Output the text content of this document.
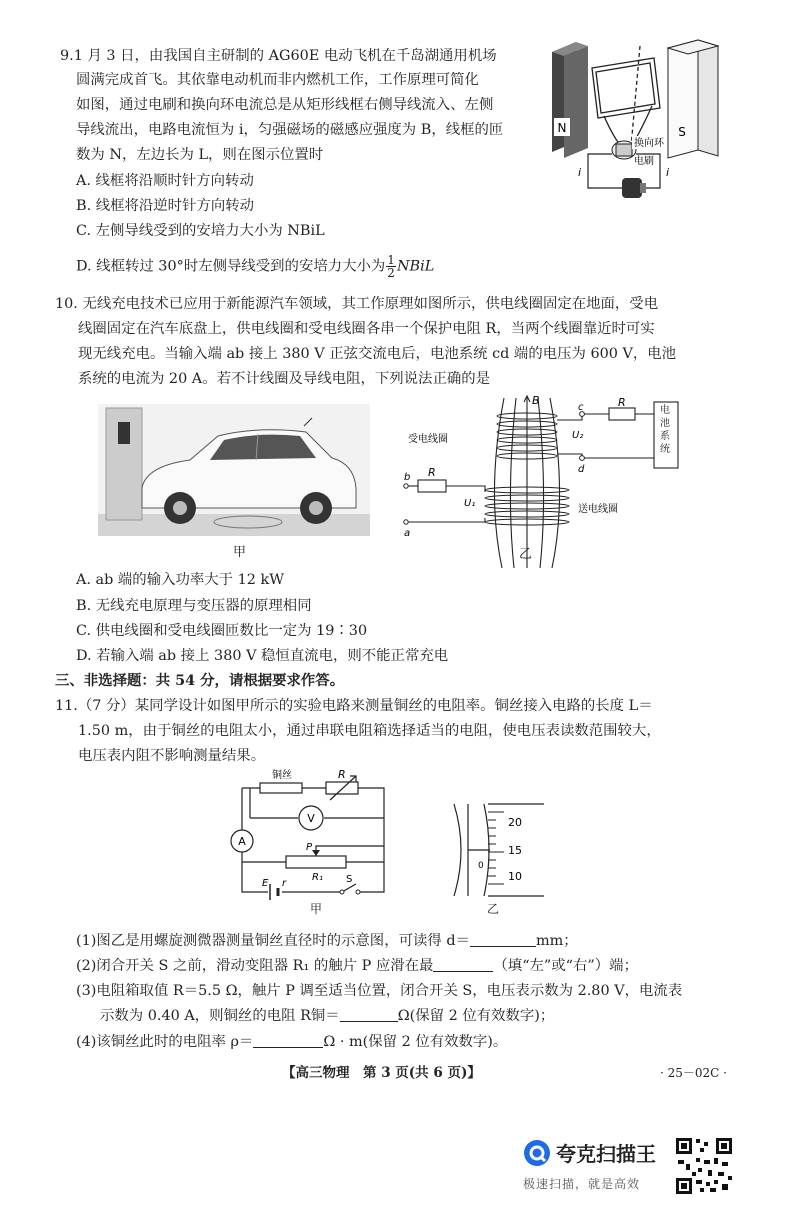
9.1 月 3 日，由我国自主研制的 AG60E 电动飞机在千岛湖通用机场
圆满完成首飞。其依靠电动机而非内燃机工作，工作原理可简化
如图，通过电刷和换向环电流总是从矩形线框右侧导线流入、左侧
导线流出，电路电流恒为 i，匀强磁场的磁感应强度为 B，线框的匝
数为 N，左边长为 L，则在图示位置时
A. 线框将沿顺时针方向转动
B. 线框将沿逆时针方向转动
C. 左侧导线受到的安培力大小为 NBiL
D. 线框转过 30°时左侧导线受到的安培力大小为 $\frac{1}{2}$ NBiL
N	S
换向环
电刷
i	i
10. 无线充电技术已应用于新能源汽车领域，其工作原理如图所示，供电线圈固定在地面，受电
线圈固定在汽车底盘上，供电线圈和受电线圈各串一个保护电阻 R，当两个线圈靠近时可实
现无线充电。当输入端 ab 接上 380 V 正弦交流电后，电池系统 cd 端的电压为 600 V，电池
系统的电流为 20 A。若不计线圈及导线电阻，下列说法正确的是
甲
B
受电线圈
送电线圈
c
d
R
U₂
电池系统
b
a
R
U₁
乙
A. ab 端的输入功率大于 12 kW
B. 无线充电原理与变压器的原理相同
C. 供电线圈和受电线圈匝数比一定为 19∶30
D. 若输入端 ab 接上 380 V 稳恒直流电，则不能正常充电
三、非选择题：共 54 分，请根据要求作答。
11.（7 分）某同学设计如图甲所示的实验电路来测量铜丝的电阻率。铜丝接入电路的长度 L＝
1.50 m，由于铜丝的电阻太小，通过串联电阻箱选择适当的电阻，使电压表读数范围较大，
电压表内阻不影响测量结果。
V
A
铜丝	R
P
R₁
E r	S
甲
20
15
10
0
乙
(1)图乙是用螺旋测微器测量铜丝直径时的示意图，可读得 d＝	mm；
(2)闭合开关 S 之前，滑动变阻器 R₁ 的触片 P 应滑在最	（填“左”或“右”）端；
(3)电阻箱取值 R＝5.5 Ω，触片 P 调至适当位置，闭合开关 S，电压表示数为 2.80 V，电流表
示数为 0.40 A，则铜丝的电阻 R铜＝	Ω(保留 2 位有效数字)；
(4)该铜丝此时的电阻率 ρ＝	Ω · m(保留 2 位有效数字)。
【高三物理　第 3 页(共 6 页)】	· 25－02C ·
夸克扫描王
极速扫描，就是高效
